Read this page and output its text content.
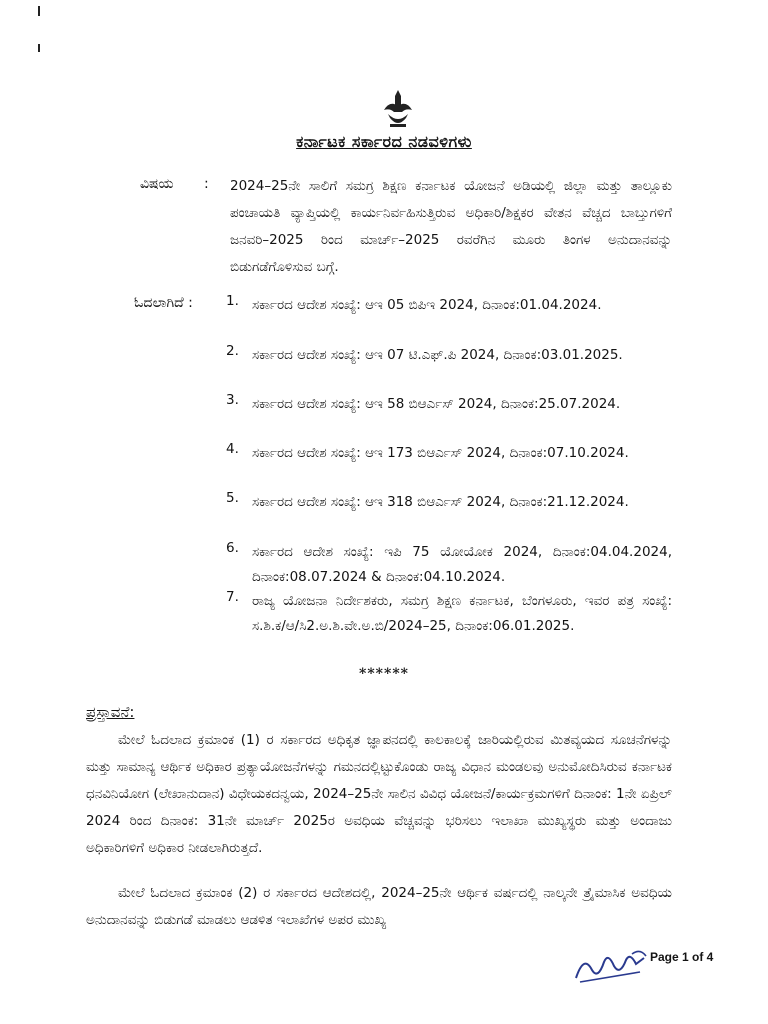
ಕರ್ನಾಟಕ ಸರ್ಕಾರದ ನಡವಳಿಗಳು
ವಿಷಯ : 2024–25ನೇ ಸಾಲಿಗೆ ಸಮಗ್ರ ಶಿಕ್ಷಣ ಕರ್ನಾಟಕ ಯೋಜನೆ ಅಡಿಯಲ್ಲಿ ಜಿಲ್ಲಾ ಮತ್ತು ತಾಲ್ಲೂಕು ಪಂಚಾಯತಿ ವ್ಯಾಪ್ತಿಯಲ್ಲಿ ಕಾರ್ಯನಿರ್ವಹಿಸುತ್ತಿರುವ ಅಧಿಕಾರಿ/ಶಿಕ್ಷಕರ ವೇತನ ವೆಚ್ಚದ ಬಾಬ್ತುಗಳಿಗೆ ಜನವರಿ–2025 ರಿಂದ ಮಾರ್ಚ್–2025 ರವರೆಗಿನ ಮೂರು ತಿಂಗಳ ಅನುದಾನವನ್ನು ಬಿಡುಗಡೆಗೊಳಿಸುವ ಬಗ್ಗೆ.
ಓದಲಾಗಿದೆ : 1. ಸರ್ಕಾರದ ಆದೇಶ ಸಂಖ್ಯೆ: ಆಇ 05 ಬಿಪಿಇ 2024, ದಿನಾಂಕ:01.04.2024.
2. ಸರ್ಕಾರದ ಆದೇಶ ಸಂಖ್ಯೆ: ಆಇ 07 ಟಿ.ಎಫ್.ಪಿ 2024, ದಿನಾಂಕ:03.01.2025.
3. ಸರ್ಕಾರದ ಆದೇಶ ಸಂಖ್ಯೆ: ಆಇ 58 ಬಿಆರ್ಎಸ್ 2024, ದಿನಾಂಕ:25.07.2024.
4. ಸರ್ಕಾರದ ಆದೇಶ ಸಂಖ್ಯೆ: ಆಇ 173 ಬಿಆರ್ಎಸ್ 2024, ದಿನಾಂಕ:07.10.2024.
5. ಸರ್ಕಾರದ ಆದೇಶ ಸಂಖ್ಯೆ: ಆಇ 318 ಬಿಆರ್ಎಸ್ 2024, ದಿನಾಂಕ:21.12.2024.
6. ಸರ್ಕಾರದ ಆದೇಶ ಸಂಖ್ಯೆ: ಇಪಿ 75 ಯೋಯೋಕ 2024, ದಿನಾಂಕ:04.04.2024, ದಿನಾಂಕ:08.07.2024 & ದಿನಾಂಕ:04.10.2024.
7. ರಾಜ್ಯ ಯೋಜನಾ ನಿರ್ದೇಶಕರು, ಸಮಗ್ರ ಶಿಕ್ಷಣ ಕರ್ನಾಟಕ, ಬೆಂಗಳೂರು, ಇವರ ಪತ್ರ ಸಂಖ್ಯೆ: ಸ.ಶಿ.ಕ/ಆ/ಸಿ2.ಅ.ಶಿ.ವೇ.ಅ.ಬಿ/2024–25, ದಿನಾಂಕ:06.01.2025.
******
ಪ್ರಸ್ತಾವನೆ:
ಮೇಲೆ ಓದಲಾದ ಕ್ರಮಾಂಕ (1) ರ ಸರ್ಕಾರದ ಅಧಿಕೃತ ಜ್ಞಾಪನದಲ್ಲಿ ಕಾಲಕಾಲಕ್ಕೆ ಜಾರಿಯಲ್ಲಿರುವ ಮಿತವ್ಯಯದ ಸೂಚನೆಗಳನ್ನು ಮತ್ತು ಸಾಮಾನ್ಯ ಆರ್ಥಿಕ ಅಧಿಕಾರ ಪ್ರತ್ಯಾಯೋಜನೆಗಳನ್ನು ಗಮನದಲ್ಲಿಟ್ಟುಕೊಂಡು ರಾಜ್ಯ ವಿಧಾನ ಮಂಡಲವು ಅನುಮೋದಿಸಿರುವ ಕರ್ನಾಟಕ ಧನವಿನಿಯೋಗ (ಲೇಖಾನುದಾನ) ವಿಧೇಯಕದನ್ವಯ, 2024–25ನೇ ಸಾಲಿನ ವಿವಿಧ ಯೋಜನೆ/ಕಾರ್ಯಕ್ರಮಗಳಿಗೆ ದಿನಾಂಕ: 1ನೇ ಏಪ್ರಿಲ್ 2024 ರಿಂದ ದಿನಾಂಕ: 31ನೇ ಮಾರ್ಚ್ 2025ರ ಅವಧಿಯ ವೆಚ್ಚವನ್ನು ಭರಿಸಲು ಇಲಾಖಾ ಮುಖ್ಯಸ್ಥರು ಮತ್ತು ಅಂದಾಜು ಅಧಿಕಾರಿಗಳಿಗೆ ಅಧಿಕಾರ ನೀಡಲಾಗಿರುತ್ತದೆ.
ಮೇಲೆ ಓದಲಾದ ಕ್ರಮಾಂಕ (2) ರ ಸರ್ಕಾರದ ಆದೇಶದಲ್ಲಿ, 2024–25ನೇ ಆರ್ಥಿಕ ವರ್ಷದಲ್ಲಿ ನಾಲ್ಕನೇ ತ್ರೈಮಾಸಿಕ ಅವಧಿಯ ಅನುದಾನವನ್ನು ಬಿಡುಗಡೆ ಮಾಡಲು ಆಡಳಿತ ಇಲಾಖೆಗಳ ಅಪರ ಮುಖ್ಯ
Page 1 of 4
